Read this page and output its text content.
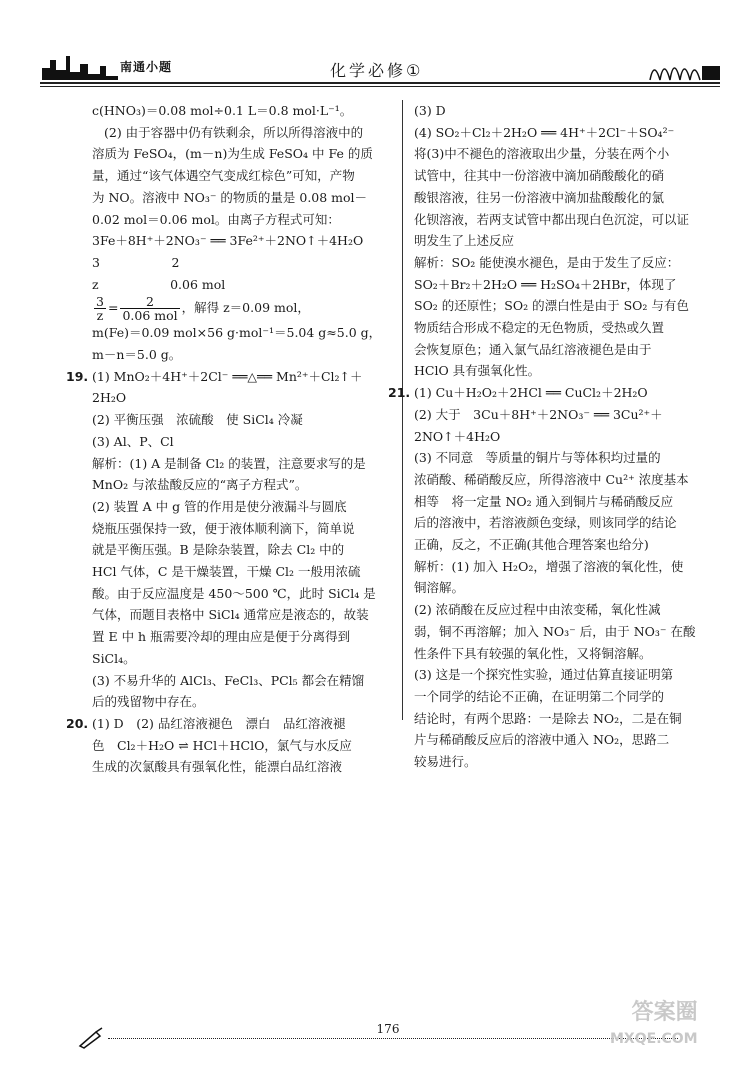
南通小题	化学必修①
c(HNO₃)＝0.08 mol÷0.1 L＝0.8 mol·L⁻¹。
(2) 由于容器中仍有铁剩余，所以所得溶液中的
溶质为 FeSO₄，(m－n)为生成 FeSO₄ 中 Fe 的质
量，通过“该气体遇空气变成红棕色”可知，产物
为 NO。溶液中 NO₃⁻ 的物质的量是 0.08 mol－
0.02 mol＝0.06 mol。由离子方程式可知：
3Fe＋8H⁺＋2NO₃⁻ ══ 3Fe²⁺＋2NO↑＋4H₂O
3                  2
z                  0.06 mol
$\frac{3}{z} = \frac{2}{\text{0.06 mol}}$ ，解得 z＝0.09 mol，
m(Fe)＝0.09 mol×56 g·mol⁻¹＝5.04 g≈5.0 g，
m－n＝5.0 g。
19. (1) MnO₂＋4H⁺＋2Cl⁻ ══△══ Mn²⁺＋Cl₂↑＋
2H₂O
(2) 平衡压强　浓硫酸　使 SiCl₄ 冷凝
(3) Al、P、Cl
解析：(1) A 是制备 Cl₂ 的装置，注意要求写的是
MnO₂ 与浓盐酸反应的“离子方程式”。
(2) 装置 A 中 g 管的作用是使分液漏斗与圆底
烧瓶压强保持一致，便于液体顺利滴下，简单说
就是平衡压强。B 是除杂装置，除去 Cl₂ 中的
HCl 气体，C 是干燥装置，干燥 Cl₂ 一般用浓硫
酸。由于反应温度是 450～500 ℃，此时 SiCl₄ 是
气体，而题目表格中 SiCl₄ 通常应是液态的，故装
置 E 中 h 瓶需要冷却的理由应是便于分离得到
SiCl₄。
(3) 不易升华的 AlCl₃、FeCl₃、PCl₅ 都会在精馏
后的残留物中存在。
20. (1) D　(2) 品红溶液褪色　漂白　品红溶液褪
色　Cl₂＋H₂O ⇌ HCl＋HClO，氯气与水反应
生成的次氯酸具有强氧化性，能漂白品红溶液
(3) D
(4) SO₂＋Cl₂＋2H₂O ══ 4H⁺＋2Cl⁻＋SO₄²⁻
将(3)中不褪色的溶液取出少量，分装在两个小
试管中，往其中一份溶液中滴加硝酸酸化的硝
酸银溶液，往另一份溶液中滴加盐酸酸化的氯
化钡溶液，若两支试管中都出现白色沉淀，可以证
明发生了上述反应
解析：SO₂ 能使溴水褪色，是由于发生了反应：
SO₂＋Br₂＋2H₂O ══ H₂SO₄＋2HBr，体现了
SO₂ 的还原性；SO₂ 的漂白性是由于 SO₂ 与有色
物质结合形成不稳定的无色物质，受热或久置
会恢复原色；通入氯气品红溶液褪色是由于
HClO 具有强氧化性。
21. (1) Cu＋H₂O₂＋2HCl ══ CuCl₂＋2H₂O
(2) 大于　3Cu＋8H⁺＋2NO₃⁻ ══ 3Cu²⁺＋
2NO↑＋4H₂O
(3) 不同意　等质量的铜片与等体积均过量的
浓硝酸、稀硝酸反应，所得溶液中 Cu²⁺ 浓度基本
相等　将一定量 NO₂ 通入到铜片与稀硝酸反应
后的溶液中，若溶液颜色变绿，则该同学的结论
正确，反之，不正确(其他合理答案也给分)
解析：(1) 加入 H₂O₂，增强了溶液的氧化性，使
铜溶解。
(2) 浓硝酸在反应过程中由浓变稀，氧化性减
弱，铜不再溶解；加入 NO₃⁻ 后，由于 NO₃⁻ 在酸
性条件下具有较强的氧化性，又将铜溶解。
(3) 这是一个探究性实验，通过估算直接证明第
一个同学的结论不正确，在证明第二个同学的
结论时，有两个思路：一是除去 NO₂，二是在铜
片与稀硝酸反应后的溶液中通入 NO₂，思路二
较易进行。
176
答案圈
MXQE.COM
